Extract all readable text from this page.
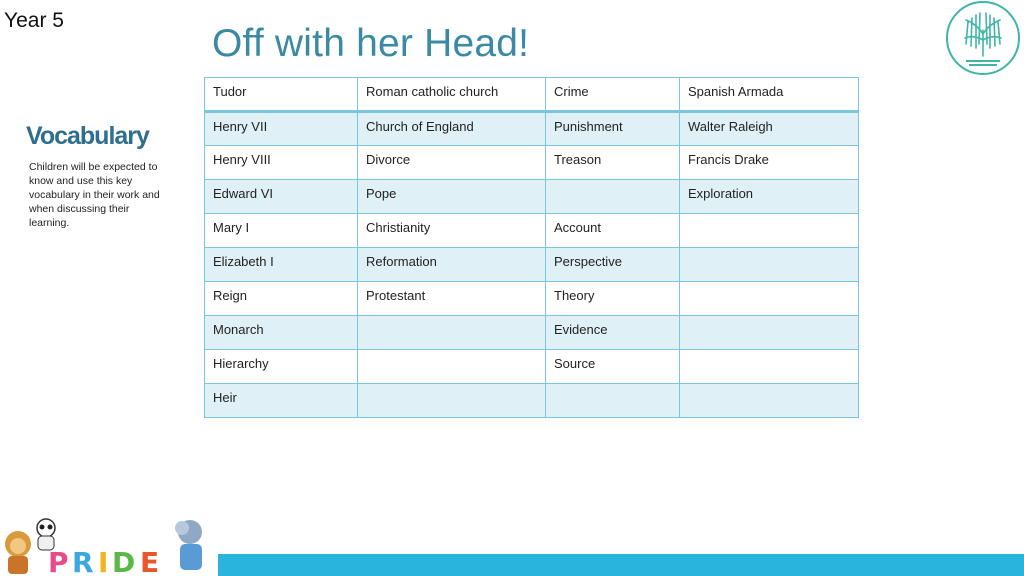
Year 5
Off with her Head!
Vocabulary
Children will be expected to know and use this key vocabulary in their work and when discussing their learning.
Tudor	Roman catholic church	Crime	Spanish Armada
Henry VII	Church of England	Punishment	Walter Raleigh
Henry VIII	Divorce	Treason	Francis Drake
Edward VI	Pope		Exploration
Mary I	Christianity	Account	
Elizabeth I	Reformation	Perspective	
Reign	Protestant	Theory	
Monarch		Evidence	
Hierarchy		Source	
Heir			
P R I D E
